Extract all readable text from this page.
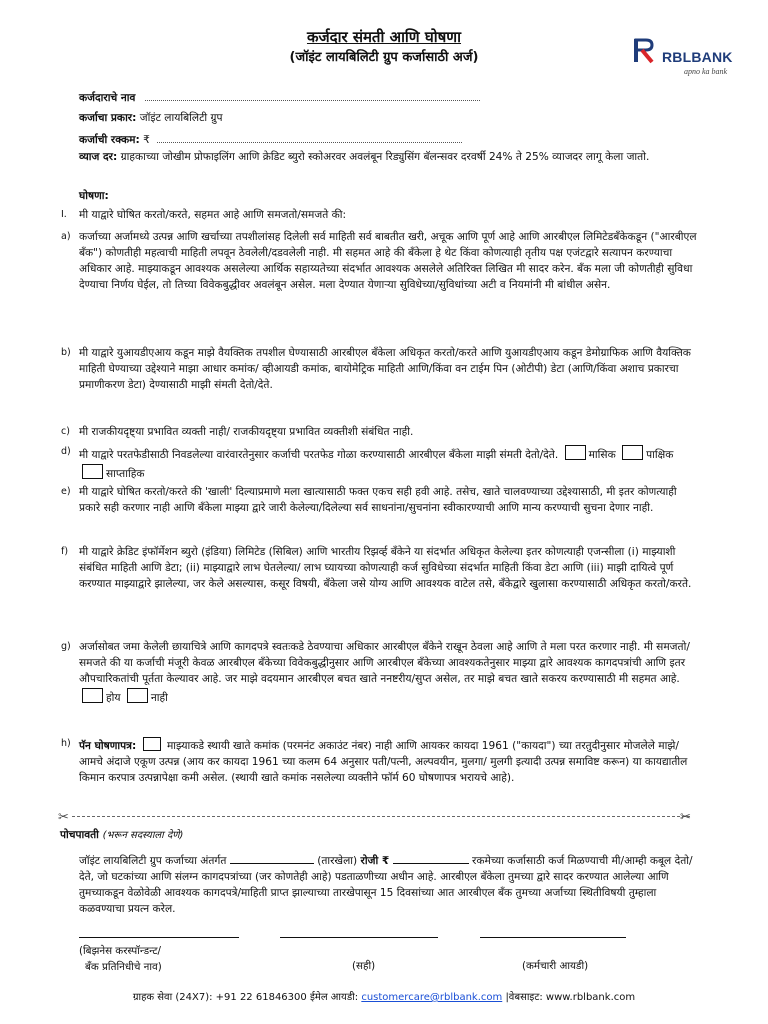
कर्जदार संमती आणि घोषणा
(जॉइंट लायबिलिटी ग्रुप कर्जासाठी अर्ज)	RBLBANK
apno ka bank
कर्जदाराचे नाव
कर्जाचा प्रकार: जॉइंट लायबिलिटी ग्रुप
कर्जाची रक्कम: ₹
व्याज दर: ग्राहकाच्या जोखीम प्रोफाइलिंग आणि क्रेडिट ब्युरो स्कोअरवर अवलंबून रिड्युसिंग बॅलन्सवर दरवर्षी 24% ते 25% व्याजदर लागू केला जातो.
घोषणा:
I. मी याद्वारे घोषित करतो/करते, सहमत आहे आणि समजतो/समजते की:
a) कर्जाच्या अर्जामध्ये उत्पन्न आणि खर्चाच्या तपशीलांसह दिलेली सर्व माहिती सर्व बाबतीत खरी, अचूक आणि पूर्ण आहे आणि आरबीएल लिमिटेडबँकेकडून ("आरबीएल बँक") कोणतीही महत्वाची माहिती लपवून ठेवलेली/दडवलेली नाही. मी सहमत आहे की बँकेला हे थेट किंवा कोणत्याही तृतीय पक्ष एजंटद्वारे सत्यापन करण्याचा अधिकार आहे. माझ्याकडून आवश्यक असलेल्या आर्थिक सहाय्यतेच्या संदर्भात आवश्यक असलेले अतिरिक्त लिखित मी सादर करेन. बँक मला जी कोणतीही सुविधा देण्याचा निर्णय घेईल, तो तिच्या विवेकबुद्धीवर अवलंबून असेल. मला देण्यात येणाऱ्या सुविधेच्या/सुविधांच्या अटी व नियमांनी मी बांधील असेन.
b) मी याद्वारे युआयडीएआय कडून माझे वैयक्तिक तपशील घेण्यासाठी आरबीएल बँकेला अधिकृत करतो/करते आणि युआयडीएआय कडून डेमोग्राफिक आणि वैयक्तिक माहिती घेण्याच्या उद्देश्याने माझा आधार कमांक/ व्हीआयडी कमांक, बायोमेट्रिक माहिती आणि/किंवा वन टाईम पिन (ओटीपी) डेटा (आणि/किंवा अशाच प्रकारचा प्रमाणीकरण डेटा) देण्यासाठी माझी संमती देतो/देते.
c) मी राजकीयदृष्ट्या प्रभावित व्यक्ती नाही/ राजकीयदृष्ट्या प्रभावित व्यक्तीशी संबंधित नाही.
d) मी याद्वारे परतफेडीसाठी निवडलेल्या वारंवारतेनुसार कर्जाची परतफेड गोळा करण्यासाठी आरबीएल बँकेला माझी संमती देतो/देते.	मासिक	पाक्षिक साप्ताहिक
e) मी याद्वारे घोषित करतो/करते की 'खाली' दिल्याप्रमाणे मला खात्यासाठी फक्त एकच सही हवी आहे. तसेच, खाते चालवण्याच्या उद्देश्यासाठी, मी इतर कोणत्याही प्रकारे सही करणार नाही आणि बँकेला माझ्या द्वारे जारी केलेल्या/दिलेल्या सर्व साधनांना/सुचनांना स्वीकारण्याची आणि मान्य करण्याची सुचना देणार नाही.
f) मी याद्वारे क्रेडिट इंफॉर्मेशन ब्युरो (इंडिया) लिमिटेड (सिबिल) आणि भारतीय रिझर्व्ह बँकेने या संदर्भात अधिकृत केलेल्या इतर कोणत्याही एजन्सीला (i) माझ्याशी संबंधित माहिती आणि डेटा; (ii) माझ्याद्वारे लाभ घेतलेल्या/ लाभ घ्यायच्या कोणत्याही कर्ज सुविधेच्या संदर्भात माहिती किंवा डेटा आणि (iii) माझी दायित्वे पूर्ण करण्यात माझ्याद्वारे झालेल्या, जर केले असल्यास, कसूर विषयी, बँकेला जसे योग्य आणि आवश्यक वाटेल तसे, बँकेद्वारे खुलासा करण्यासाठी अधिकृत करतो/करते.
g) अर्जासोबत जमा केलेली छायाचित्रे आणि कागदपत्रे स्वतःकडे ठेवण्याचा अधिकार आरबीएल बँकेने राखून ठेवला आहे आणि ते मला परत करणार नाही. मी समजतो/समजते की या कर्जाची मंजूरी केवळ आरबीएल बँकेच्या विवेकबुद्धीनुसार आणि आरबीएल बँकेच्या आवश्यकतेनुसार माझ्या द्वारे आवश्यक कागदपत्रांची आणि इतर औपचारिकतांची पूर्तता केल्यावर आहे. जर माझे वदयमान आरबीएल बचत खाते ननष्टरीय/सुप्त असेल, तर माझे बचत खाते सकरय करण्यासाठी मी सहमत आहे. होय	नाही
h) पॅन घोषणापत्र:	माझ्याकडे स्थायी खाते कमांक (परमनंट अकाउंट नंबर) नाही आणि आयकर कायदा 1961 ("कायदा") च्या तरतुदीनुसार मोजलेले माझे/आमचे अंदाजे एकूण उत्पन्न (आय कर कायदा 1961 च्या कलम 64 अनुसार पती/पत्नी, अल्पवयीन, मुलगा/ मुलगी इत्यादी उत्पन्न समाविष्ट करून) या कायद्यातील किमान करपात्र उत्पन्नापेक्षा कमी असेल. (स्थायी खाते कमांक नसलेल्या व्यक्तीने फॉर्म 60 घोषणापत्र भरायचे आहे).
✂	✂
पोचपावती (भरून सदस्याला देणे)
जॉइंट लायबिलिटी ग्रुप कर्जाच्या अंतर्गत	(तारखेला) रोजी ₹	रकमेच्या कर्जासाठी कर्ज मिळण्याची मी/आम्ही कबूल देतो/देते, जो घटकांच्या आणि संलग्न कागदपत्रांच्या (जर कोणतेही आहे) पडताळणीच्या अधीन आहे. आरबीएल बँकेला तुमच्या द्वारे सादर करण्यात आलेल्या आणि तुमच्याकडून वेळोवेळी आवश्यक कागदपत्रे/माहिती प्राप्त झाल्याच्या तारखेपासून 15 दिवसांच्या आत आरबीएल बँक तुमच्या अर्जाच्या स्थितीविषयी तुम्हाला कळवण्याचा प्रयत्न करेल.
(बिझनेस करस्पॉन्डन्ट/
बँक प्रतिनिधीचे नाव)	(सही)	(कर्मचारी आयडी)
ग्राहक सेवा (24X7): +91 22 61846300 ईमेल आयडी: customercare@rblbank.com |वेबसाइट: www.rblbank.com
